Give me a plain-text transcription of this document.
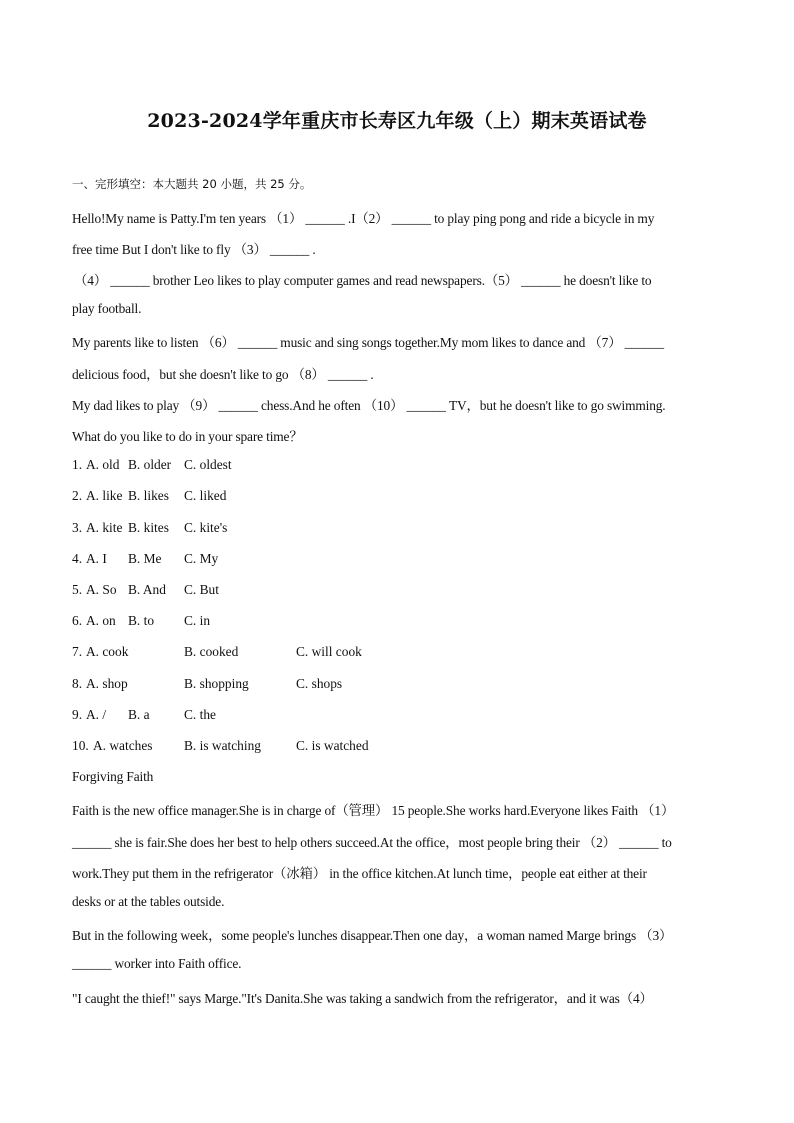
2023-2024学年重庆市长寿区九年级（上）期末英语试卷
一、完形填空：本大题共 20 小题，共 25 分。
Hello!My name is Patty.I'm ten years （1） ______ .I（2） ______ to play ping pong and ride a bicycle in my
free time But I don't like to fly （3） ______ .
（4） ______ brother Leo likes to play computer games and read newspapers.（5） ______ he doesn't like to
play football.
My parents like to listen （6） ______ music and sing songs together.My mom likes to dance and （7） ______
delicious food，but she doesn't like to go （8） ______ .
My dad likes to play （9） ______ chess.And he often （10） ______ TV，but he doesn't like to go swimming.
What do you like to do in your spare time？
1. A. old B. older C. oldest
2. A. like B. likes C. liked
3. A. kite B. kites C. kite's
4. A. I B. Me C. My
5. A. So B. And C. But
6. A. on B. to C. in
7. A. cook	B. cooked	C. will cook
8. A. shop	B. shopping	C. shops
9. A. / B. a	C. the
10. A. watches B. is watching	C. is watched
Forgiving Faith
Faith is the new office manager.She is in charge of（管理） 15 people.She works hard.Everyone likes Faith （1）
______ she is fair.She does her best to help others succeed.At the office，most people bring their （2） ______ to
work.They put them in the refrigerator（冰箱） in the office kitchen.At lunch time，people eat either at their
desks or at the tables outside.
But in the following week，some people's lunches disappear.Then one day，a woman named Marge brings （3）
______ worker into Faith office.
"I caught the thief!" says Marge."It's Danita.She was taking a sandwich from the refrigerator，and it was（4）
